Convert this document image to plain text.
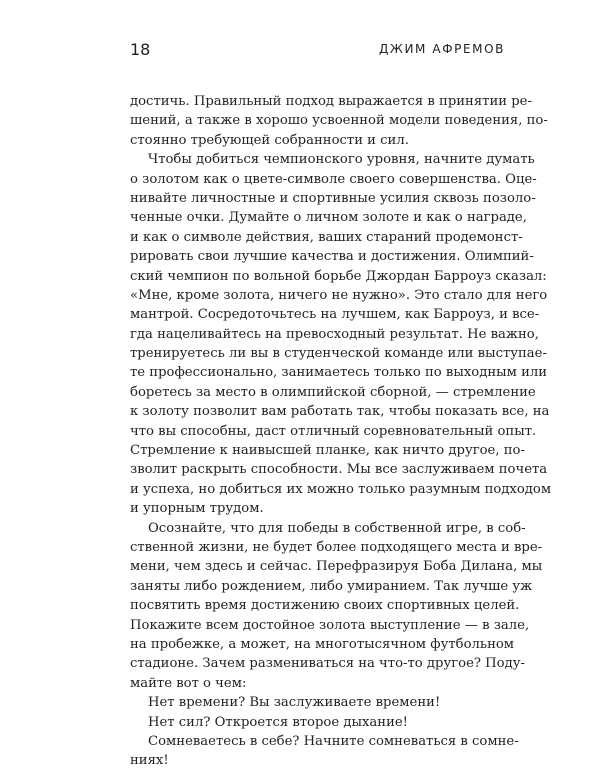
18	ДЖИМ АФРЕМОВ
достичь. Правильный подход выражается в принятии ре-
шений, а также в хорошо усвоенной модели поведения, по-
стоянно требующей собранности и сил.
Чтобы добиться чемпионского уровня, начните думать
о золотом как о цвете-символе своего совершенства. Оце-
нивайте личностные и спортивные усилия сквозь позоло-
ченные очки. Думайте о личном золоте и как о награде,
и как о символе действия, ваших стараний продемонст-
рировать свои лучшие качества и достижения. Олимпий-
ский чемпион по вольной борьбе Джордан Барроуз сказал:
«Мне, кроме золота, ничего не нужно». Это стало для него
мантрой. Сосредоточьтесь на лучшем, как Барроуз, и все-
гда нацеливайтесь на превосходный результат. Не важно,
тренируетесь ли вы в студенческой команде или выступае-
те профессионально, занимаетесь только по выходным или
боретесь за место в олимпийской сборной, — стремление
к золоту позволит вам работать так, чтобы показать все, на
что вы способны, даст отличный соревновательный опыт.
Стремление к наивысшей планке, как ничто другое, по-
зволит раскрыть способности. Мы все заслуживаем почета
и успеха, но добиться их можно только разумным подходом
и упорным трудом.
Осознайте, что для победы в собственной игре, в соб-
ственной жизни, не будет более подходящего места и вре-
мени, чем здесь и сейчас. Перефразируя Боба Дилана, мы
заняты либо рождением, либо умиранием. Так лучше уж
посвятить время достижению своих спортивных целей.
Покажите всем достойное золота выступление — в зале,
на пробежке, а может, на многотысячном футбольном
стадионе. Зачем размениваться на что-то другое? Поду-
майте вот о чем:
Нет времени? Вы заслуживаете времени!
Нет сил? Откроется второе дыхание!
Сомневаетесь в себе? Начните сомневаться в сомне-
ниях!
